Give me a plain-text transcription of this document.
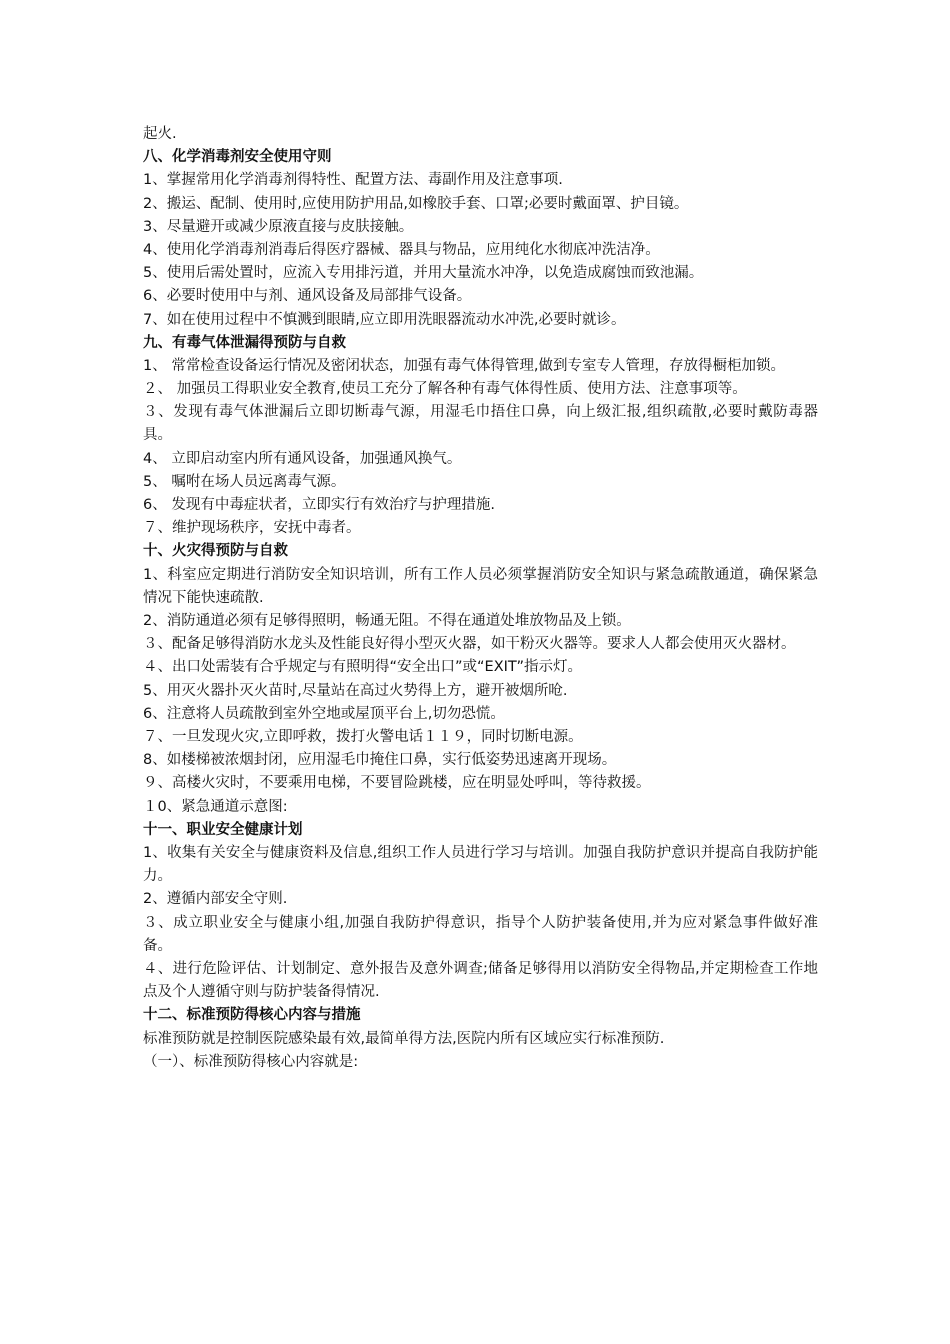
起火.
八、化学消毒剂安全使用守则
1、掌握常用化学消毒剂得特性、配置方法、毒副作用及注意事项.
2、搬运、配制、使用时,应使用防护用品,如橡胶手套、口罩;必要时戴面罩、护目镜。
3、尽量避开或减少原液直接与皮肤接触。
4、使用化学消毒剂消毒后得医疗器械、器具与物品，应用纯化水彻底冲洗洁净。
5、使用后需处置时，应流入专用排污道，并用大量流水冲净，以免造成腐蚀而致池漏。
6、必要时使用中与剂、通风设备及局部排气设备。
7、如在使用过程中不慎溅到眼睛,应立即用洗眼器流动水冲洗,必要时就诊。
九、有毒气体泄漏得预防与自救
1、 常常检查设备运行情况及密闭状态，加强有毒气体得管理,做到专室专人管理，存放得橱柜加锁。
２、 加强员工得职业安全教育,使员工充分了解各种有毒气体得性质、使用方法、注意事项等。
３、发现有毒气体泄漏后立即切断毒气源，用湿毛巾捂住口鼻，向上级汇报,组织疏散,必要时戴防毒器具。
4、 立即启动室内所有通风设备，加强通风换气。
5、 嘱咐在场人员远离毒气源。
6、 发现有中毒症状者，立即实行有效治疗与护理措施.
７、维护现场秩序，安抚中毒者。
十、火灾得预防与自救
1、科室应定期进行消防安全知识培训，所有工作人员必须掌握消防安全知识与紧急疏散通道，确保紧急情况下能快速疏散.
2、消防通道必须有足够得照明，畅通无阻。不得在通道处堆放物品及上锁。
３、配备足够得消防水龙头及性能良好得小型灭火器，如干粉灭火器等。要求人人都会使用灭火器材。
４、出口处需装有合乎规定与有照明得“安全出口”或“EXIT”指示灯。
5、用灭火器扑灭火苗时,尽量站在高过火势得上方，避开被烟所呛.
6、注意将人员疏散到室外空地或屋顶平台上,切勿恐慌。
７、一旦发现火灾,立即呼救，拨打火警电话１１９，同时切断电源。
8、如楼梯被浓烟封闭，应用湿毛巾掩住口鼻，实行低姿势迅速离开现场。
９、高楼火灾时，不要乘用电梯，不要冒险跳楼，应在明显处呼叫，等待救援。
１0、紧急通道示意图:
十一、职业安全健康计划
1、收集有关安全与健康资料及信息,组织工作人员进行学习与培训。加强自我防护意识并提高自我防护能力。
2、遵循内部安全守则.
３、成立职业安全与健康小组,加强自我防护得意识，指导个人防护装备使用,并为应对紧急事件做好准备。
４、进行危险评估、计划制定、意外报告及意外调查;储备足够得用以消防安全得物品,并定期检查工作地点及个人遵循守则与防护装备得情况.
十二、标准预防得核心内容与措施
标准预防就是控制医院感染最有效,最简单得方法,医院内所有区域应实行标准预防.
（一）、标准预防得核心内容就是:
